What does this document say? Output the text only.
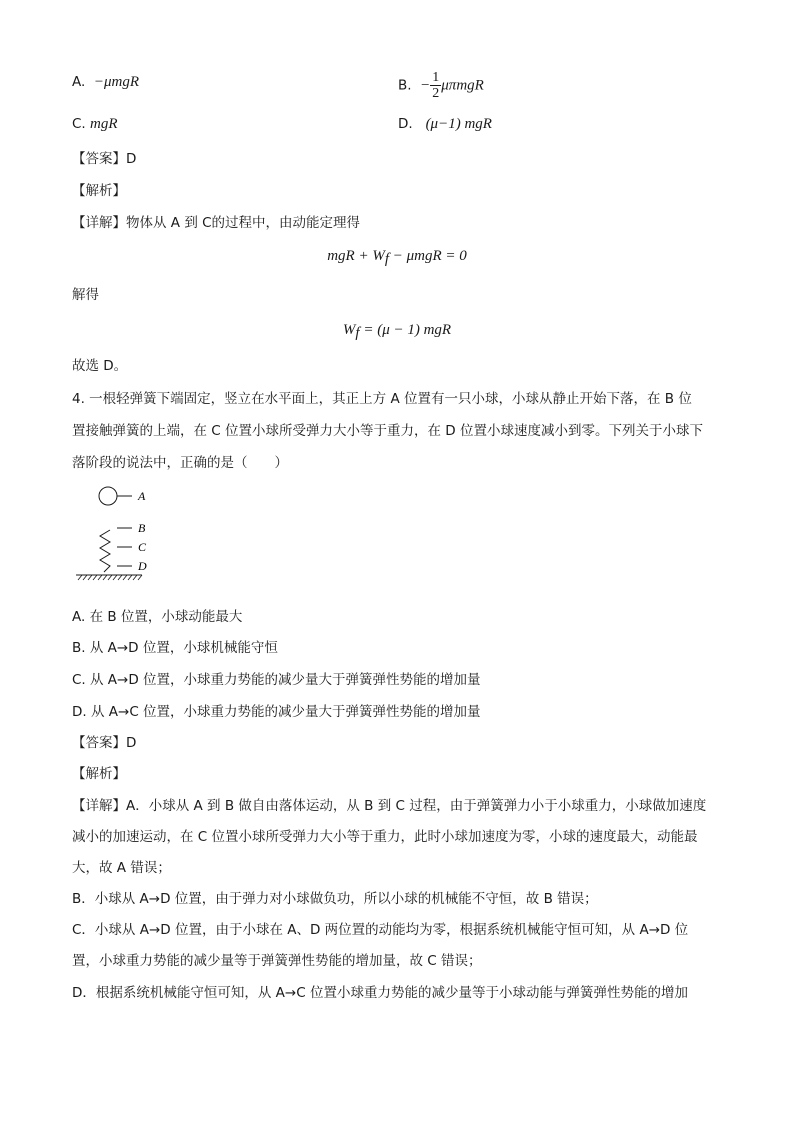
A. −μmgR	B. − $\frac{1}{2}$ μπmgR
C. mgR	D. (μ−1) mgR
【答案】D
【解析】
【详解】物体从 A 到 C的过程中，由动能定理得
mgR + $W_f - \mu mgR = 0$
解得
$W_f = (\mu - 1)$ mgR
故选 D。
4. 一根轻弹簧下端固定，竖立在水平面上，其正上方 A 位置有一只小球，小球从静止开始下落，在 B 位
置接触弹簧的上端，在 C 位置小球所受弹力大小等于重力，在 D 位置小球速度减小到零。下列关于小球下
落阶段的说法中，正确的是（　　）
A
B
C
D
A. 在 B 位置，小球动能最大
B. 从 A→D 位置，小球机械能守恒
C. 从 A→D 位置，小球重力势能的减少量大于弹簧弹性势能的增加量
D. 从 A→C 位置，小球重力势能的减少量大于弹簧弹性势能的增加量
【答案】D
【解析】
【详解】A．小球从 A 到 B 做自由落体运动，从 B 到 C 过程，由于弹簧弹力小于小球重力，小球做加速度
减小的加速运动，在 C 位置小球所受弹力大小等于重力，此时小球加速度为零，小球的速度最大，动能最
大，故 A 错误；
B．小球从 A→D 位置，由于弹力对小球做负功，所以小球的机械能不守恒，故 B 错误；
C．小球从 A→D 位置，由于小球在 A、D 两位置的动能均为零，根据系统机械能守恒可知，从 A→D 位
置，小球重力势能的减少量等于弹簧弹性势能的增加量，故 C 错误；
D．根据系统机械能守恒可知，从 A→C 位置小球重力势能的减少量等于小球动能与弹簧弹性势能的增加
